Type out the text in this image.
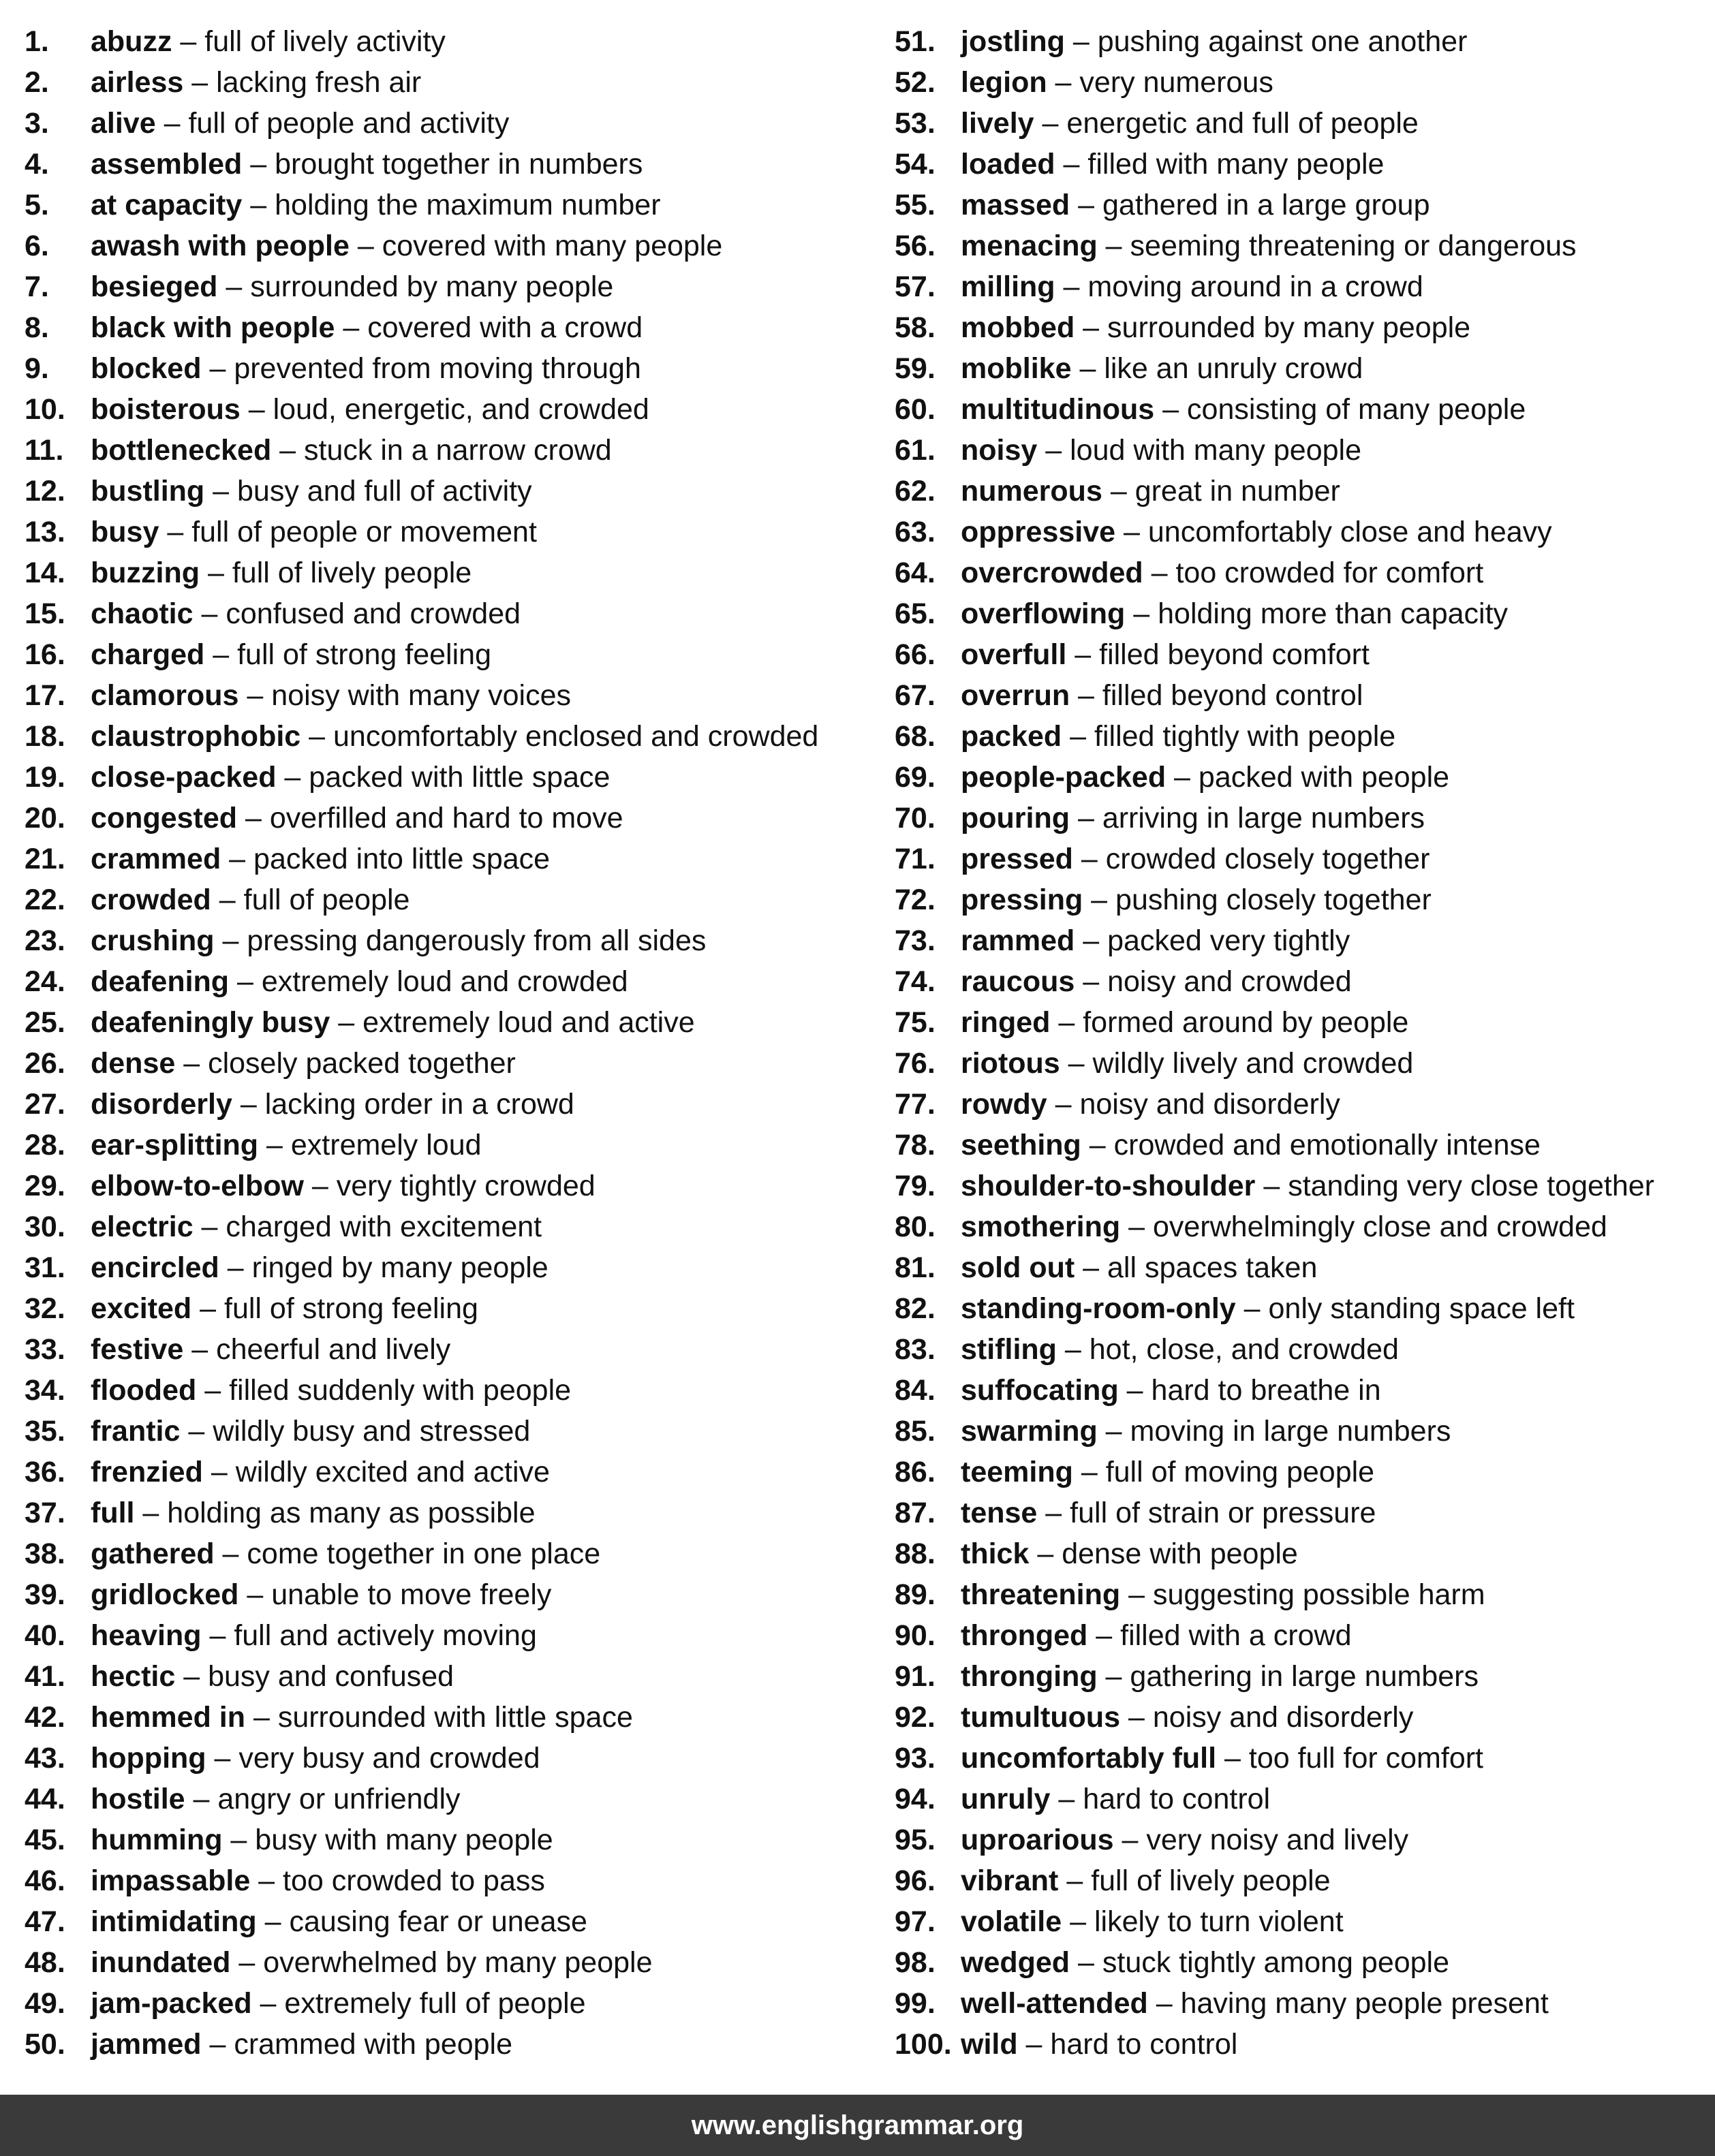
1. abuzz – full of lively activity
2. airless – lacking fresh air
3. alive – full of people and activity
4. assembled – brought together in numbers
5. at capacity – holding the maximum number
6. awash with people – covered with many people
7. besieged – surrounded by many people
8. black with people – covered with a crowd
9. blocked – prevented from moving through
10. boisterous – loud, energetic, and crowded
11. bottlenecked – stuck in a narrow crowd
12. bustling – busy and full of activity
13. busy – full of people or movement
14. buzzing – full of lively people
15. chaotic – confused and crowded
16. charged – full of strong feeling
17. clamorous – noisy with many voices
18. claustrophobic – uncomfortably enclosed and crowded
19. close-packed – packed with little space
20. congested – overfilled and hard to move
21. crammed – packed into little space
22. crowded – full of people
23. crushing – pressing dangerously from all sides
24. deafening – extremely loud and crowded
25. deafeningly busy – extremely loud and active
26. dense – closely packed together
27. disorderly – lacking order in a crowd
28. ear-splitting – extremely loud
29. elbow-to-elbow – very tightly crowded
30. electric – charged with excitement
31. encircled – ringed by many people
32. excited – full of strong feeling
33. festive – cheerful and lively
34. flooded – filled suddenly with people
35. frantic – wildly busy and stressed
36. frenzied – wildly excited and active
37. full – holding as many as possible
38. gathered – come together in one place
39. gridlocked – unable to move freely
40. heaving – full and actively moving
41. hectic – busy and confused
42. hemmed in – surrounded with little space
43. hopping – very busy and crowded
44. hostile – angry or unfriendly
45. humming – busy with many people
46. impassable – too crowded to pass
47. intimidating – causing fear or unease
48. inundated – overwhelmed by many people
49. jam-packed – extremely full of people
50. jammed – crammed with people
51. jostling – pushing against one another
52. legion – very numerous
53. lively – energetic and full of people
54. loaded – filled with many people
55. massed – gathered in a large group
56. menacing – seeming threatening or dangerous
57. milling – moving around in a crowd
58. mobbed – surrounded by many people
59. moblike – like an unruly crowd
60. multitudinous – consisting of many people
61. noisy – loud with many people
62. numerous – great in number
63. oppressive – uncomfortably close and heavy
64. overcrowded – too crowded for comfort
65. overflowing – holding more than capacity
66. overfull – filled beyond comfort
67. overrun – filled beyond control
68. packed – filled tightly with people
69. people-packed – packed with people
70. pouring – arriving in large numbers
71. pressed – crowded closely together
72. pressing – pushing closely together
73. rammed – packed very tightly
74. raucous – noisy and crowded
75. ringed – formed around by people
76. riotous – wildly lively and crowded
77. rowdy – noisy and disorderly
78. seething – crowded and emotionally intense
79. shoulder-to-shoulder – standing very close together
80. smothering – overwhelmingly close and crowded
81. sold out – all spaces taken
82. standing-room-only – only standing space left
83. stifling – hot, close, and crowded
84. suffocating – hard to breathe in
85. swarming – moving in large numbers
86. teeming – full of moving people
87. tense – full of strain or pressure
88. thick – dense with people
89. threatening – suggesting possible harm
90. thronged – filled with a crowd
91. thronging – gathering in large numbers
92. tumultuous – noisy and disorderly
93. uncomfortably full – too full for comfort
94. unruly – hard to control
95. uproarious – very noisy and lively
96. vibrant – full of lively people
97. volatile – likely to turn violent
98. wedged – stuck tightly among people
99. well-attended – having many people present
100. wild – hard to control
www.englishgrammar.org
